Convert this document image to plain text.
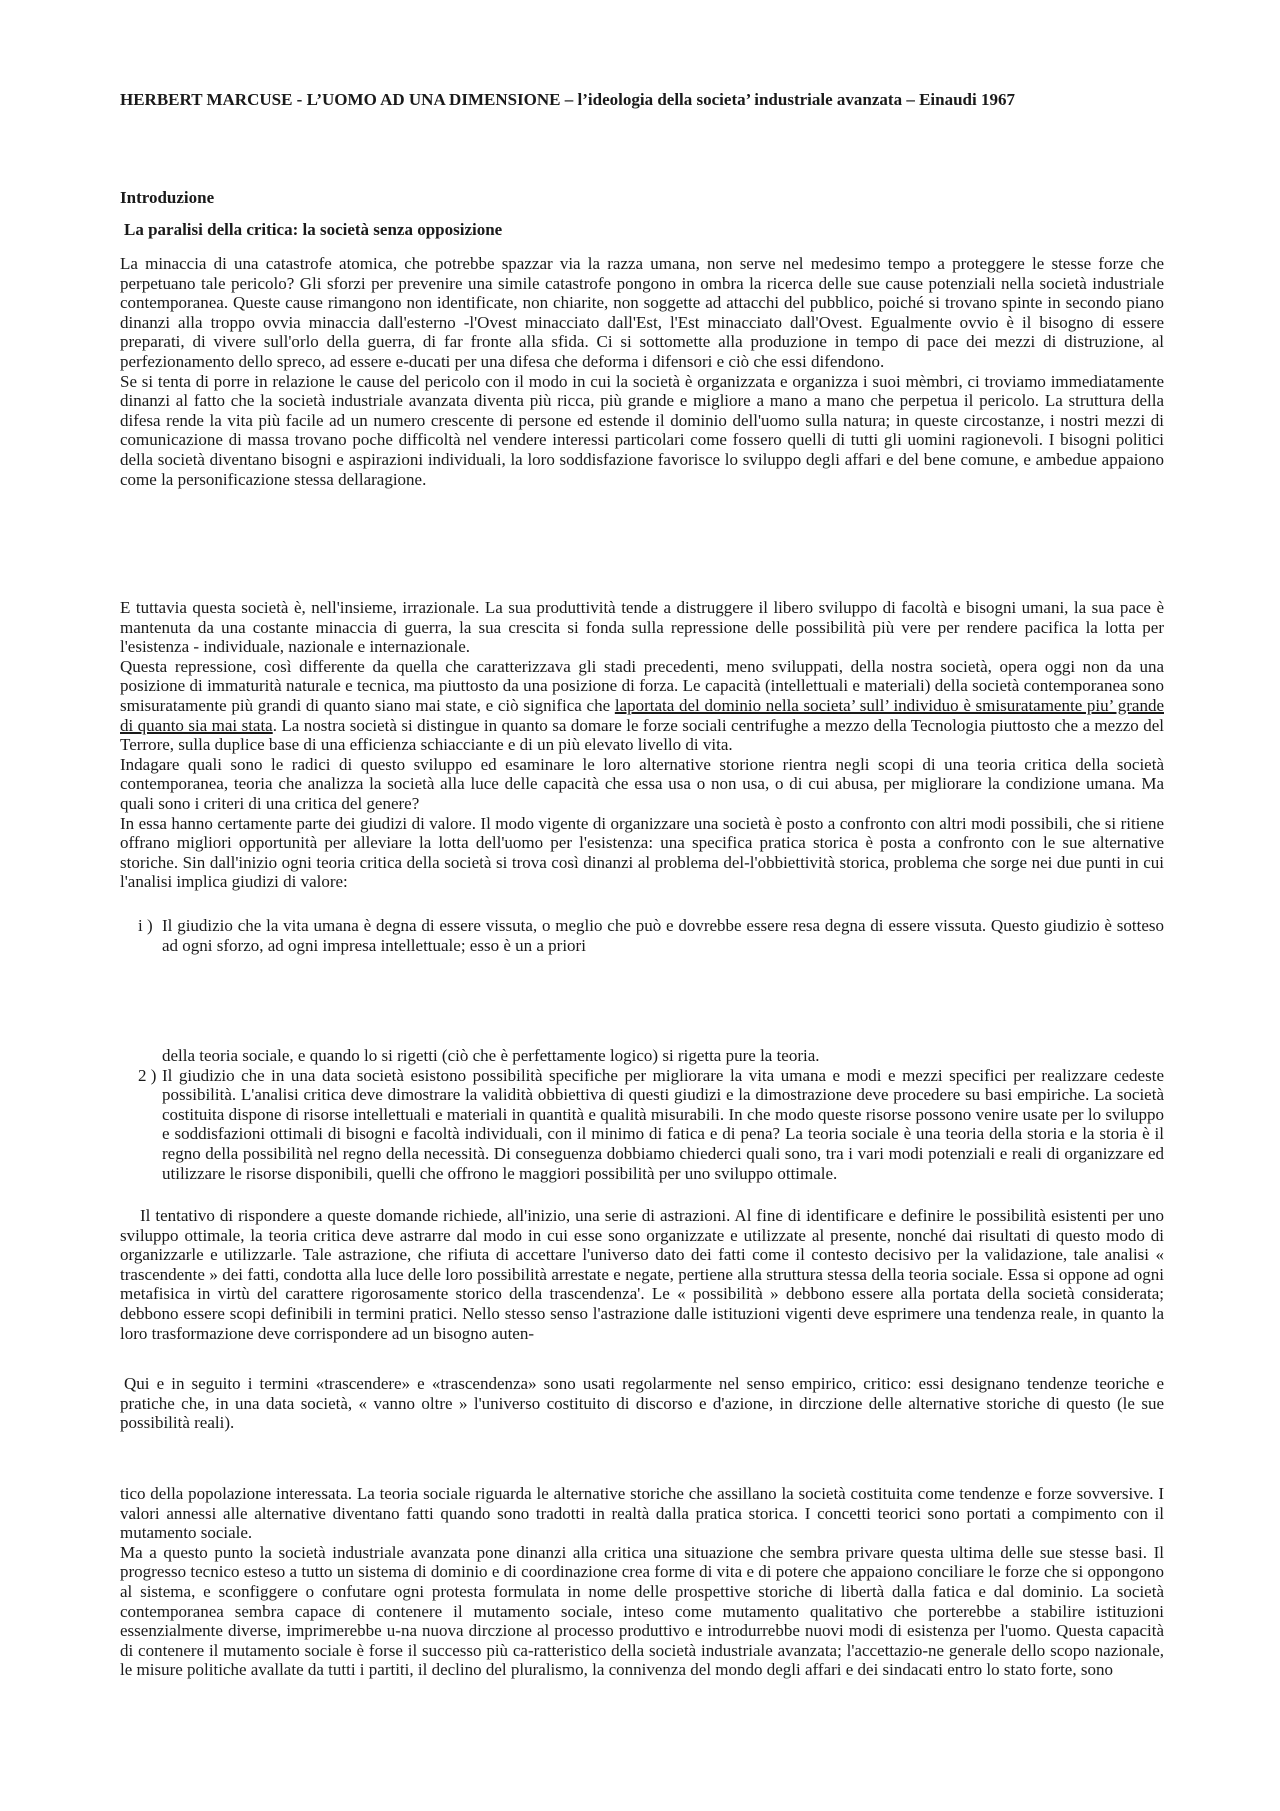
HERBERT MARCUSE - L’UOMO AD UNA DIMENSIONE – l’ideologia della societa’ industriale avanzata – Einaudi 1967
Introduzione
La paralisi della critica: la società senza opposizione

La minaccia di una catastrofe atomica, che potrebbe spazzar via la razza umana, non serve nel medesimo tempo a proteggere le stesse forze che perpetuano tale pericolo? Gli sforzi per prevenire una simile catastrofe pongono in ombra la ricerca delle sue cause potenziali nella società industriale contemporanea. Queste cause rimangono non identificate, non chiarite, non soggette ad attacchi del pubblico, poiché si trovano spinte in secondo piano dinanzi alla troppo ovvia minaccia dall'esterno -l'Ovest minacciato dall'Est, l'Est minacciato dall'Ovest. Egualmente ovvio è il bisogno di essere preparati, di vivere sull'orlo della guerra, di far fronte alla sfida. Ci si sottomette alla produzione in tempo di pace dei mezzi di distruzione, al perfezionamento dello spreco, ad essere e-ducati per una difesa che deforma i difensori e ciò che essi difendono.

Se si tenta di porre in relazione le cause del pericolo con il modo in cui la società è organizzata e organizza i suoi mèmbri, ci troviamo immediatamente dinanzi al fatto che la società industriale avanzata diventa più ricca, più grande e migliore a mano a mano che perpetua il pericolo. La struttura della difesa rende la vita più facile ad un numero crescente di persone ed estende il dominio dell'uomo sulla natura; in queste circostanze, i nostri mezzi di comunicazione di massa trovano poche difficoltà nel vendere interessi particolari come fossero quelli di tutti gli uomini ragionevoli. I bisogni politici della società diventano bisogni e aspirazioni individuali, la loro soddisfazione favorisce lo sviluppo degli affari e del bene comune, e ambedue appaiono come la personificazione stessa dellaragione.

E tuttavia questa società è, nell'insieme, irrazionale. La sua produttività tende a distruggere il libero sviluppo di facoltà e bisogni umani, la sua pace è mantenuta da una costante minaccia di guerra, la sua crescita si fonda sulla repressione delle possibilità più vere per rendere pacifica la lotta per l'esistenza - individuale, nazionale e internazionale.

Questa repressione, così differente da quella che caratterizzava gli stadi precedenti, meno sviluppati, della nostra società, opera oggi non da una posizione di immaturità naturale e tecnica, ma piuttosto da una posizione di forza. Le capacità (intellettuali e materiali) della società contemporanea sono smisuratamente più grandi di quanto siano mai state, e ciò significa che laportata del dominio nella societa’ sull’ individuo è smisuratamente piu’ grande di quanto sia mai stata. La nostra società si distingue in quanto sa domare le forze sociali centrifughe a mezzo della Tecnologia piuttosto che a mezzo del Terrore, sulla duplice base di una efficienza schiacciante e di un più elevato livello di vita.

Indagare quali sono le radici di questo sviluppo ed esaminare le loro alternative storione rientra negli scopi di una teoria critica della società contemporanea, teoria che analizza la società alla luce delle capacità che essa usa o non usa, o di cui abusa, per migliorare la condizione umana. Ma quali sono i criteri di una critica del genere?

In essa hanno certamente parte dei giudizi di valore. Il modo vigente di organizzare una società è posto a confronto con altri modi possibili, che si ritiene offrano migliori opportunità per alleviare la lotta dell'uomo per l'esistenza: una specifica pratica storica è posta a confronto con le sue alternative storiche. Sin dall'inizio ogni teoria critica della società si trova così dinanzi al problema del-l'obbiettività storica, problema che sorge nei due punti in cui l'analisi implica giudizi di valore:

i ) Il giudizio che la vita umana è degna di essere vissuta, o meglio che può e dovrebbe essere resa degna di essere vissuta. Questo giudizio è sotteso ad ogni sforzo, ad ogni impresa intellettuale; esso è un a priori
della teoria sociale, e quando lo si rigetti (ciò che è perfettamente logico) si rigetta pure la teoria.
2 ) Il giudizio che in una data società esistono possibilità specifiche per migliorare la vita umana e modi e mezzi specifici per realizzare cedeste possibilità. L'analisi critica deve dimostrare la validità obbiettiva di questi giudizi e la dimostrazione deve procedere su basi empiriche. La società costituita dispone di risorse intellettuali e materiali in quantità e qualità misurabili. In che modo queste risorse possono venire usate per lo sviluppo e soddisfazioni ottimali di bisogni e facoltà individuali, con il minimo di fatica e di pena? La teoria sociale è una teoria della storia e la storia è il regno della possibilità nel regno della necessità. Di conseguenza dobbiamo chiederci quali sono, tra i vari modi potenziali e reali di organizzare ed utilizzare le risorse disponibili, quelli che offrono le maggiori possibilità per uno sviluppo ottimale.

Il tentativo di rispondere a queste domande richiede, all'inizio, una serie di astrazioni. Al fine di identificare e definire le possibilità esistenti per uno sviluppo ottimale, la teoria critica deve astrarre dal modo in cui esse sono organizzate e utilizzate al presente, nonché dai risultati di questo modo di organizzarle e utilizzarle. Tale astrazione, che rifiuta di accettare l'universo dato dei fatti come il contesto decisivo per la validazione, tale analisi « trascendente » dei fatti, condotta alla luce delle loro possibilità arrestate e negate, pertiene alla struttura stessa della teoria sociale. Essa si oppone ad ogni metafisica in virtù del carattere rigorosamente storico della trascendenza'. Le « possibilità » debbono essere alla portata della società considerata; debbono essere scopi definibili in termini pratici. Nello stesso senso l'astrazione dalle istituzioni vigenti deve esprimere una tendenza reale, in quanto la loro trasformazione deve corrispondere ad un bisogno auten-

Qui e in seguito i termini «trascendere» e «trascendenza» sono usati regolarmente nel senso empirico, critico: essi designano tendenze teoriche e pratiche che, in una data società, « vanno oltre » l'universo costituito di discorso e d'azione, in dirczione delle alternative storiche di questo (le sue possibilità reali).

tico della popolazione interessata. La teoria sociale riguarda le alternative storiche che assillano la società costituita come tendenze e forze sovversive. I valori annessi alle alternative diventano fatti quando sono tradotti in realtà dalla pratica storica. I concetti teorici sono portati a compimento con il mutamento sociale.

Ma a questo punto la società industriale avanzata pone dinanzi alla critica una situazione che sembra privare questa ultima delle sue stesse basi. Il progresso tecnico esteso a tutto un sistema di dominio e di coordinazione crea forme di vita e di potere che appaiono conciliare le forze che si oppongono al sistema, e sconfiggere o confutare ogni protesta formulata in nome delle prospettive storiche di libertà dalla fatica e dal dominio. La società contemporanea sembra capace di contenere il mutamento sociale, inteso come mutamento qualitativo che porterebbe a stabilire istituzioni essenzialmente diverse, imprimerebbe u-na nuova dirczione al processo produttivo e introdurrebbe nuovi modi di esistenza per l'uomo. Questa capacità di contenere il mutamento sociale è forse il successo più ca-ratteristico della società industriale avanzata; l'accettazio-ne generale dello scopo nazionale, le misure politiche avallate da tutti i partiti, il declino del pluralismo, la connivenza del mondo degli affari e dei sindacati entro lo stato forte, sono
